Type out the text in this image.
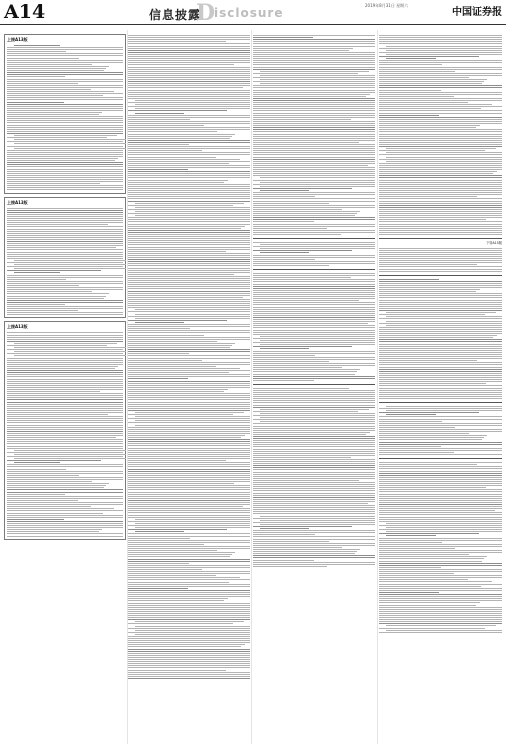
A14	信息披露
D
isclosure
2019年8月31日 星期六
中国证券报
上接A13版
上接A13版
上接A13版
下转A15版
